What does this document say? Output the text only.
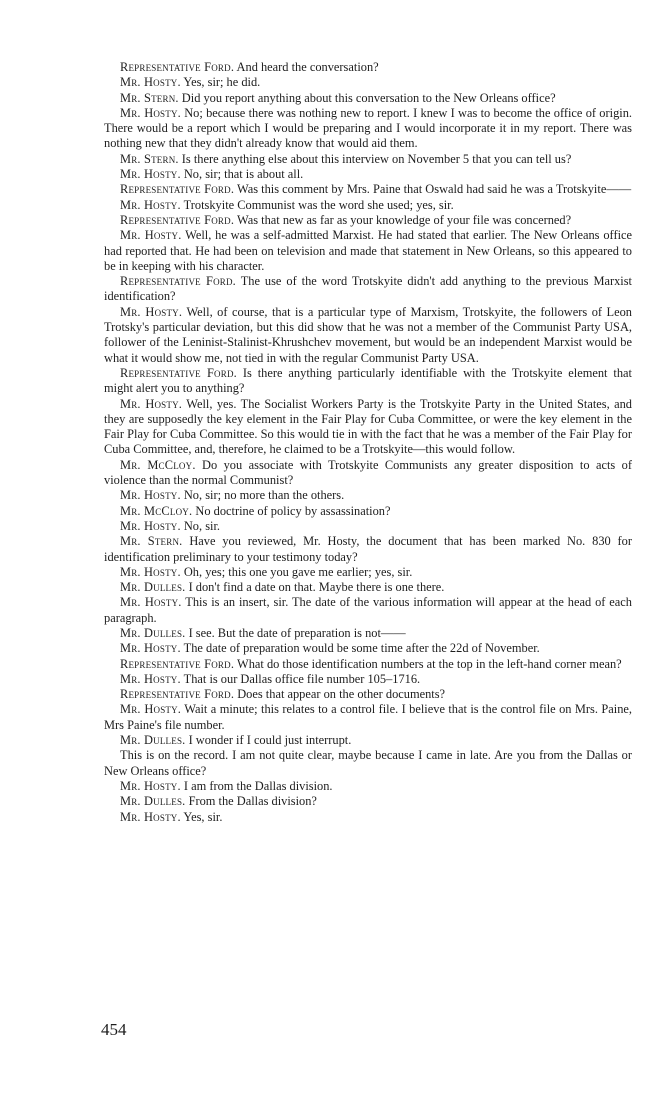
Representative Ford. And heard the conversation?

Mr. Hosty. Yes, sir; he did.

Mr. Stern. Did you report anything about this conversation to the New Orleans office?

Mr. Hosty. No; because there was nothing new to report. I knew I was to become the office of origin. There would be a report which I would be preparing and I would incorporate it in my report. There was nothing new that they didn't already know that would aid them.

Mr. Stern. Is there anything else about this interview on November 5 that you can tell us?

Mr. Hosty. No, sir; that is about all.

Representative Ford. Was this comment by Mrs. Paine that Oswald had said he was a Trotskyite——

Mr. Hosty. Trotskyite Communist was the word she used; yes, sir.

Representative Ford. Was that new as far as your knowledge of your file was concerned?

Mr. Hosty. Well, he was a self-admitted Marxist. He had stated that earlier. The New Orleans office had reported that. He had been on television and made that statement in New Orleans, so this appeared to be in keeping with his character.

Representative Ford. The use of the word Trotskyite didn't add anything to the previous Marxist identification?

Mr. Hosty. Well, of course, that is a particular type of Marxism, Trotskyite, the followers of Leon Trotsky's particular deviation, but this did show that he was not a member of the Communist Party USA, follower of the Leninist-Stalinist-Khrushchev movement, but would be an independent Marxist would be what it would show me, not tied in with the regular Communist Party USA.

Representative Ford. Is there anything particularly identifiable with the Trotskyite element that might alert you to anything?

Mr. Hosty. Well, yes. The Socialist Workers Party is the Trotskyite Party in the United States, and they are supposedly the key element in the Fair Play for Cuba Committee, or were the key element in the Fair Play for Cuba Committee. So this would tie in with the fact that he was a member of the Fair Play for Cuba Committee, and, therefore, he claimed to be a Trotskyite—this would follow.

Mr. McCloy. Do you associate with Trotskyite Communists any greater disposition to acts of violence than the normal Communist?

Mr. Hosty. No, sir; no more than the others.

Mr. McCloy. No doctrine of policy by assassination?

Mr. Hosty. No, sir.

Mr. Stern. Have you reviewed, Mr. Hosty, the document that has been marked No. 830 for identification preliminary to your testimony today?

Mr. Hosty. Oh, yes; this one you gave me earlier; yes, sir.

Mr. Dulles. I don't find a date on that. Maybe there is one there.

Mr. Hosty. This is an insert, sir. The date of the various information will appear at the head of each paragraph.

Mr. Dulles. I see. But the date of preparation is not——

Mr. Hosty. The date of preparation would be some time after the 22d of November.

Representative Ford. What do those identification numbers at the top in the left-hand corner mean?

Mr. Hosty. That is our Dallas office file number 105–1716.

Representative Ford. Does that appear on the other documents?

Mr. Hosty. Wait a minute; this relates to a control file. I believe that is the control file on Mrs. Paine, Mrs Paine's file number.

Mr. Dulles. I wonder if I could just interrupt.

This is on the record. I am not quite clear, maybe because I came in late. Are you from the Dallas or New Orleans office?

Mr. Hosty. I am from the Dallas division.

Mr. Dulles. From the Dallas division?

Mr. Hosty. Yes, sir.

454
